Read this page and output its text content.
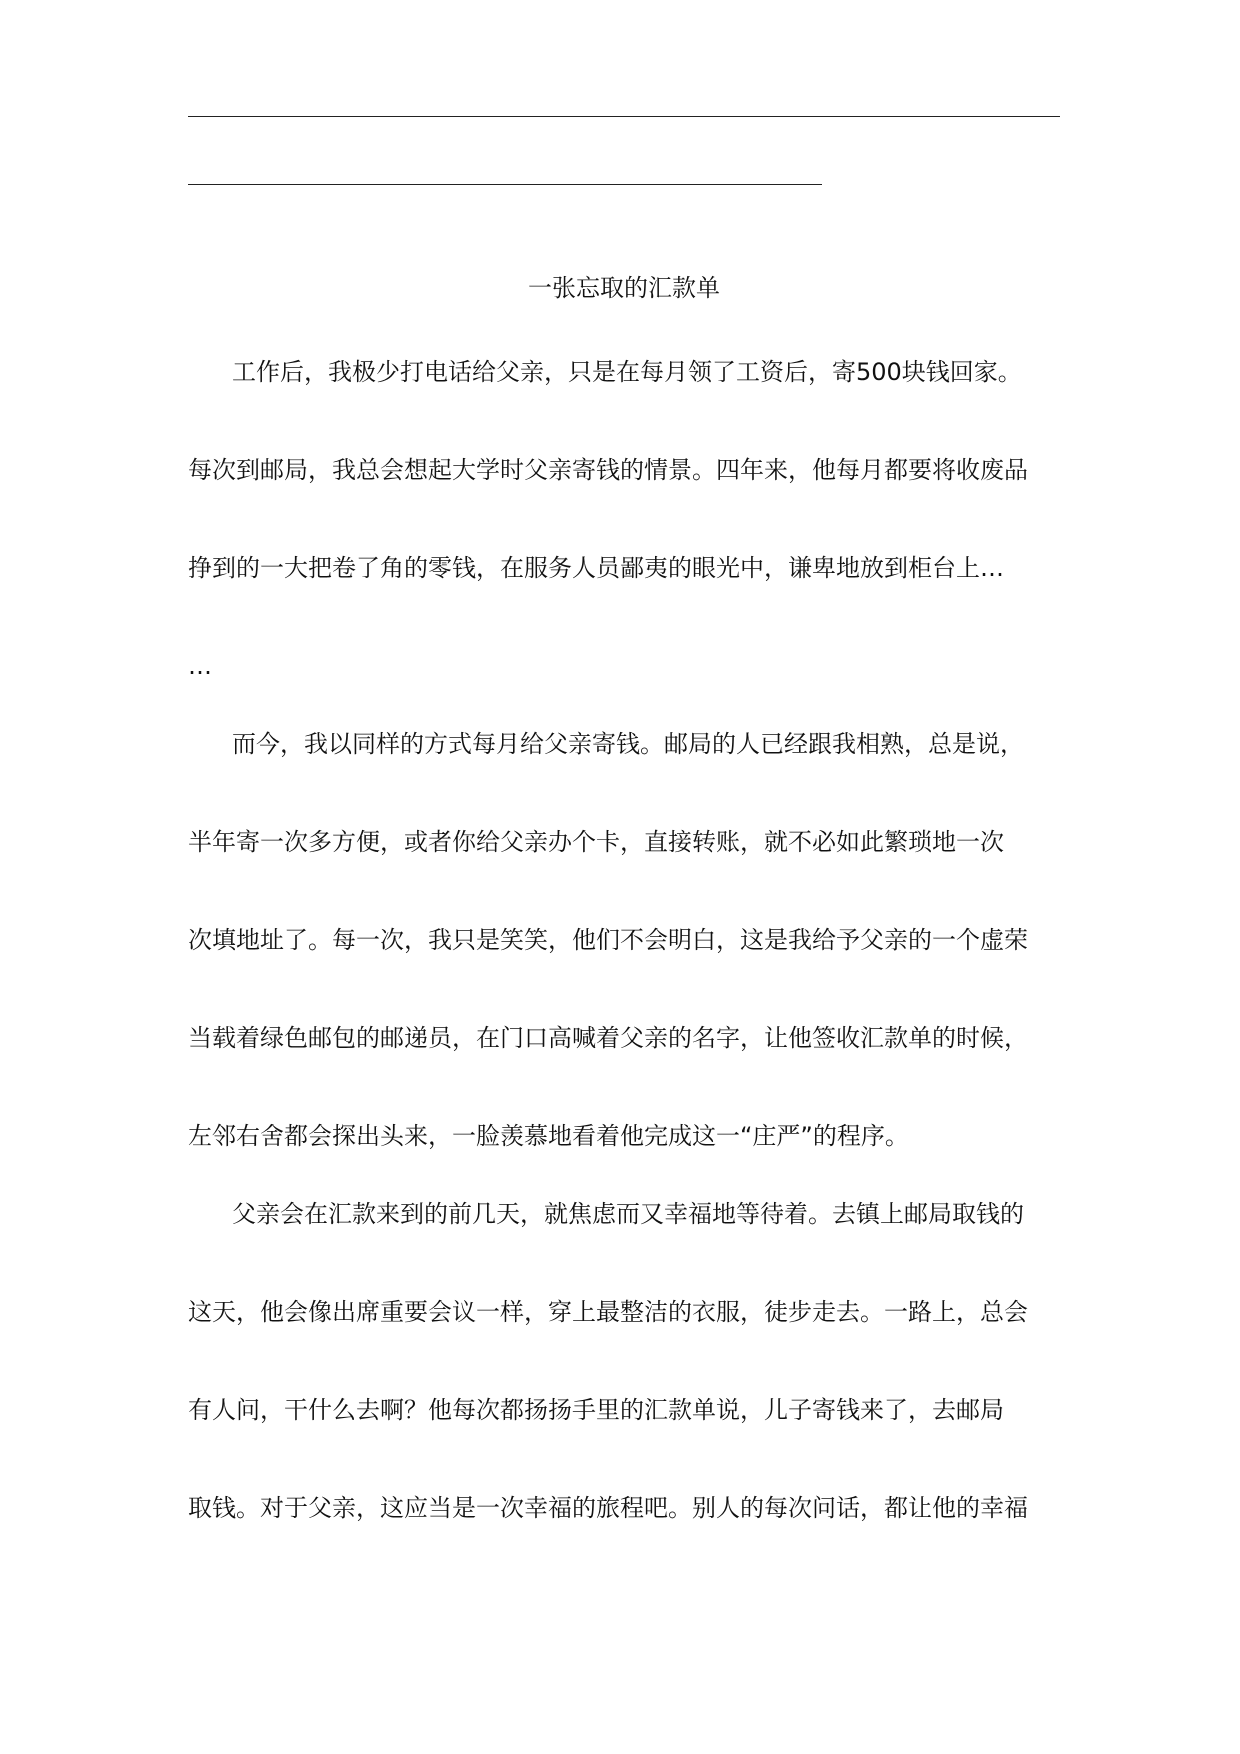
一张忘取的汇款单
工作后，我极少打电话给父亲，只是在每月领了工资后，寄500块钱回家。
每次到邮局，我总会想起大学时父亲寄钱的情景。四年来，他每月都要将收废品
挣到的一大把卷了角的零钱，在服务人员鄙夷的眼光中，谦卑地放到柜台上…
…
而今，我以同样的方式每月给父亲寄钱。邮局的人已经跟我相熟，总是说，
半年寄一次多方便，或者你给父亲办个卡，直接转账，就不必如此繁琐地一次
次填地址了。每一次，我只是笑笑，他们不会明白，这是我给予父亲的一个虚荣
当载着绿色邮包的邮递员，在门口高喊着父亲的名字，让他签收汇款单的时候，
左邻右舍都会探出头来，一脸羡慕地看着他完成这一“庄严”的程序。
父亲会在汇款来到的前几天，就焦虑而又幸福地等待着。去镇上邮局取钱的
这天，他会像出席重要会议一样，穿上最整洁的衣服，徒步走去。一路上，总会
有人问，干什么去啊？他每次都扬扬手里的汇款单说，儿子寄钱来了，去邮局
取钱。对于父亲，这应当是一次幸福的旅程吧。别人的每次问话，都让他的幸福
